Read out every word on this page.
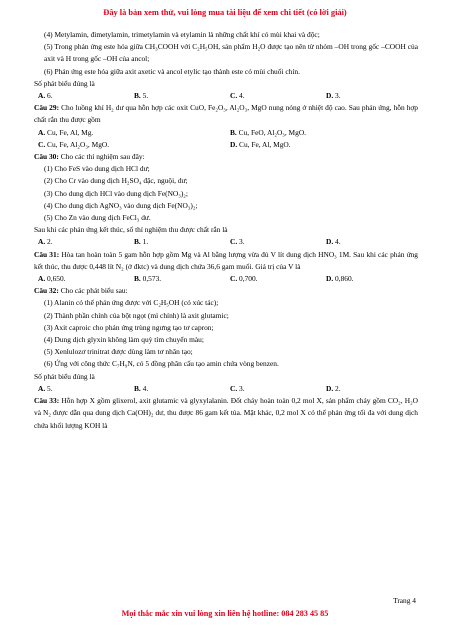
Đây là bản xem thử, vui lòng mua tài liệu để xem chi tiết (có lời giải)
(4) Metylamin, đimetylamin, trimetylamin và etylamin là những chất khí có mùi khai và độc;
(5) Trong phản ứng este hóa giữa CH₃COOH với C₂H₅OH, sản phẩm H₂O được tạo nên từ nhóm –OH trong gốc –COOH của axit và H trong gốc –OH của ancol;
(6) Phản ứng este hóa giữa axit axetic và ancol etylic tạo thành este có mùi chuối chín.
Số phát biểu đúng là
A. 6.	B. 5.	C. 4.	D. 3.
Câu 29: Cho luồng khí H₂ dư qua hỗn hợp các oxit CuO, Fe₂O₃, Al₂O₃, MgO nung nóng ở nhiệt độ cao. Sau phản ứng, hỗn hợp chất rắn thu được gồm
A. Cu, Fe, Al, Mg.	B. Cu, FeO, Al₂O₃, MgO.
C. Cu, Fe, Al₂O₃, MgO.	D. Cu, Fe, Al, MgO.
Câu 30: Cho các thí nghiệm sau đây:
(1) Cho FeS vào dung dịch HCl dư;
(2) Cho Cr vào dung dịch H₂SO₄ đặc, nguội, dư;
(3) Cho dung dịch HCl vào dung dịch Fe(NO₃)₂;
(4) Cho dung dịch AgNO₃ vào dung dịch Fe(NO₃)₂;
(5) Cho Zn vào dung dịch FeCl₃ dư.
Sau khi các phản ứng kết thúc, số thí nghiệm thu được chất rắn là
A. 2.	B. 1.	C. 3.	D. 4.
Câu 31: Hòa tan hoàn toàn 5 gam hỗn hợp gồm Mg và Al bằng lượng vừa đủ V lít dung dịch HNO₃ 1M. Sau khi các phản ứng kết thúc, thu được 0,448 lít N₂ (ở đktc) và dung dịch chứa 36,6 gam muối. Giá trị của V là
A. 0,650.	B. 0,573.	C. 0,700.	D. 0,860.
Câu 32: Cho các phát biểu sau:
(1) Alanin có thể phản ứng được với C₂H₅OH (có xúc tác);
(2) Thành phần chính của bột ngọt (mì chính) là axit glutamic;
(3) Axit caproic cho phản ứng trùng ngưng tạo tơ capron;
(4) Dung dịch glyxin không làm quỳ tím chuyển màu;
(5) Xenlulozơ trinitrat được dùng làm tơ nhân tạo;
(6) Ứng với công thức C₇H₉N, có 5 đồng phân cấu tạo amin chứa vòng benzen.
Số phát biểu đúng là
A. 5.	B. 4.	C. 3.	D. 2.
Câu 33: Hỗn hợp X gồm glixerol, axit glutamic và glyxylalanin. Đốt cháy hoàn toàn 0,2 mol X, sản phẩm cháy gồm CO₂, H₂O và N₂ được dẫn qua dung dịch Ca(OH)₂ dư, thu được 86 gam kết tủa. Mặt khác, 0,2 mol X có thể phản ứng tối đa với dung dịch chứa khối lượng KOH là
Trang 4
Mọi thắc mắc xin vui lòng xin liên hệ hotline: 084 283 45 85
